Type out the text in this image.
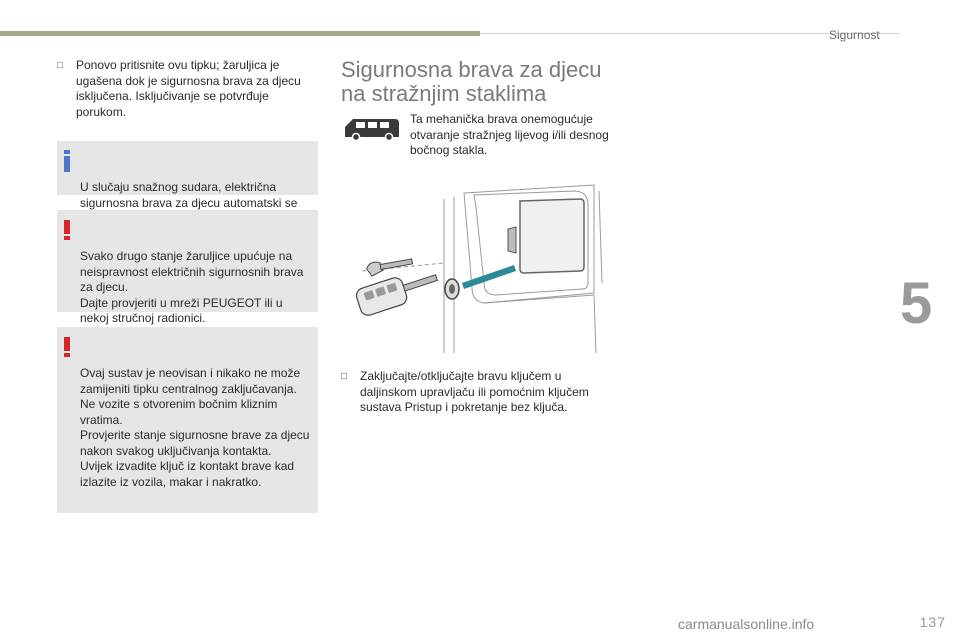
Sigurnost
5
□ Ponovo pritisnite ovu tipku; žaruljica je ugašena dok je sigurnosna brava za djecu isključena. Isključivanje se potvrđuje porukom.

U slučaju snažnog sudara, električna sigurnosna brava za djecu automatski se

Svako drugo stanje žaruljice upućuje na neispravnost električnih sigurnosnih brava za djecu.
Dajte provjeriti u mreži PEUGEOT ili u nekoj stručnoj radionici.

Ovaj sustav je neovisan i nikako ne može zamijeniti tipku centralnog zaključavanja.
Ne vozite s otvorenim bočnim kliznim vratima.
Provjerite stanje sigurnosne brave za djecu nakon svakog uključivanja kontakta.
Uvijek izvadite ključ iz kontakt brave kad izlazite iz vozila, makar i nakratko.

Sigurnosna brava za djecu
na stražnjim staklima
Ta mehanička brava onemogućuje otvaranje stražnjeg lijevog i/ili desnog bočnog stakla.
□ Zaključajte/otključajte bravu ključem u daljinskom upravljaču ili pomoćnim ključem sustava Pristup i pokretanje bez ključa.
carmanualsonline.info	137
